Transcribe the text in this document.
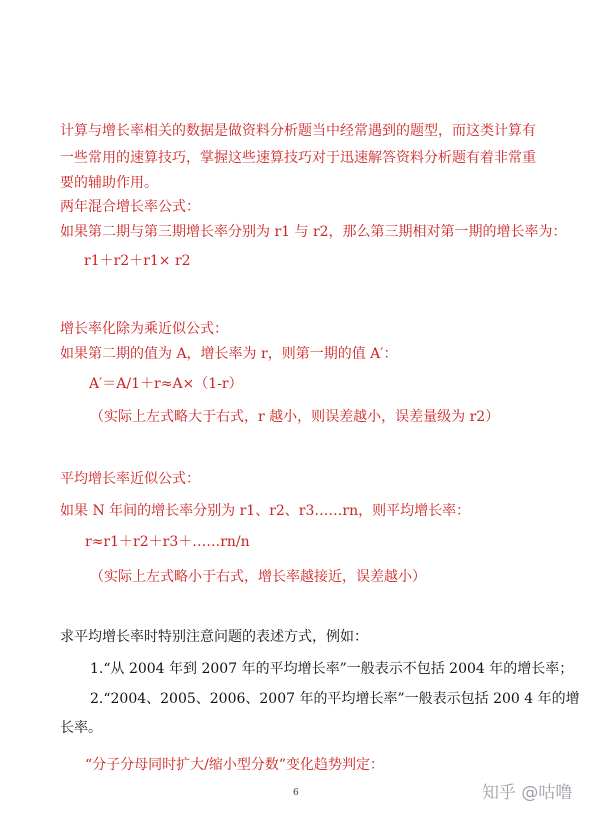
计算与增长率相关的数据是做资料分析题当中经常遇到的题型，而这类计算有
一些常用的速算技巧，掌握这些速算技巧对于迅速解答资料分析题有着非常重
要的辅助作用。
两年混合增长率公式：
如果第二期与第三期增长率分别为 r1 与 r2，那么第三期相对第一期的增长率为：
r1＋r2＋r1× r2
增长率化除为乘近似公式：
如果第二期的值为 A，增长率为 r，则第一期的值 A′：
A′＝A/1＋r≈A×（1-r）
（实际上左式略大于右式，r 越小，则误差越小，误差量级为 r2）
平均增长率近似公式：
如果 N 年间的增长率分别为 r1、r2、r3……rn，则平均增长率：
r≈r1＋r2＋r3＋……rn/n
（实际上左式略小于右式，增长率越接近，误差越小）
求平均增长率时特别注意问题的表述方式，例如：
1.“从 2004 年到 2007 年的平均增长率”一般表示不包括 2004 年的增长率；
2.“2004、2005、2006、2007 年的平均增长率”一般表示包括 200 4 年的增
长率。
“分子分母同时扩大/缩小型分数”变化趋势判定：
6	知乎 @咕噜
